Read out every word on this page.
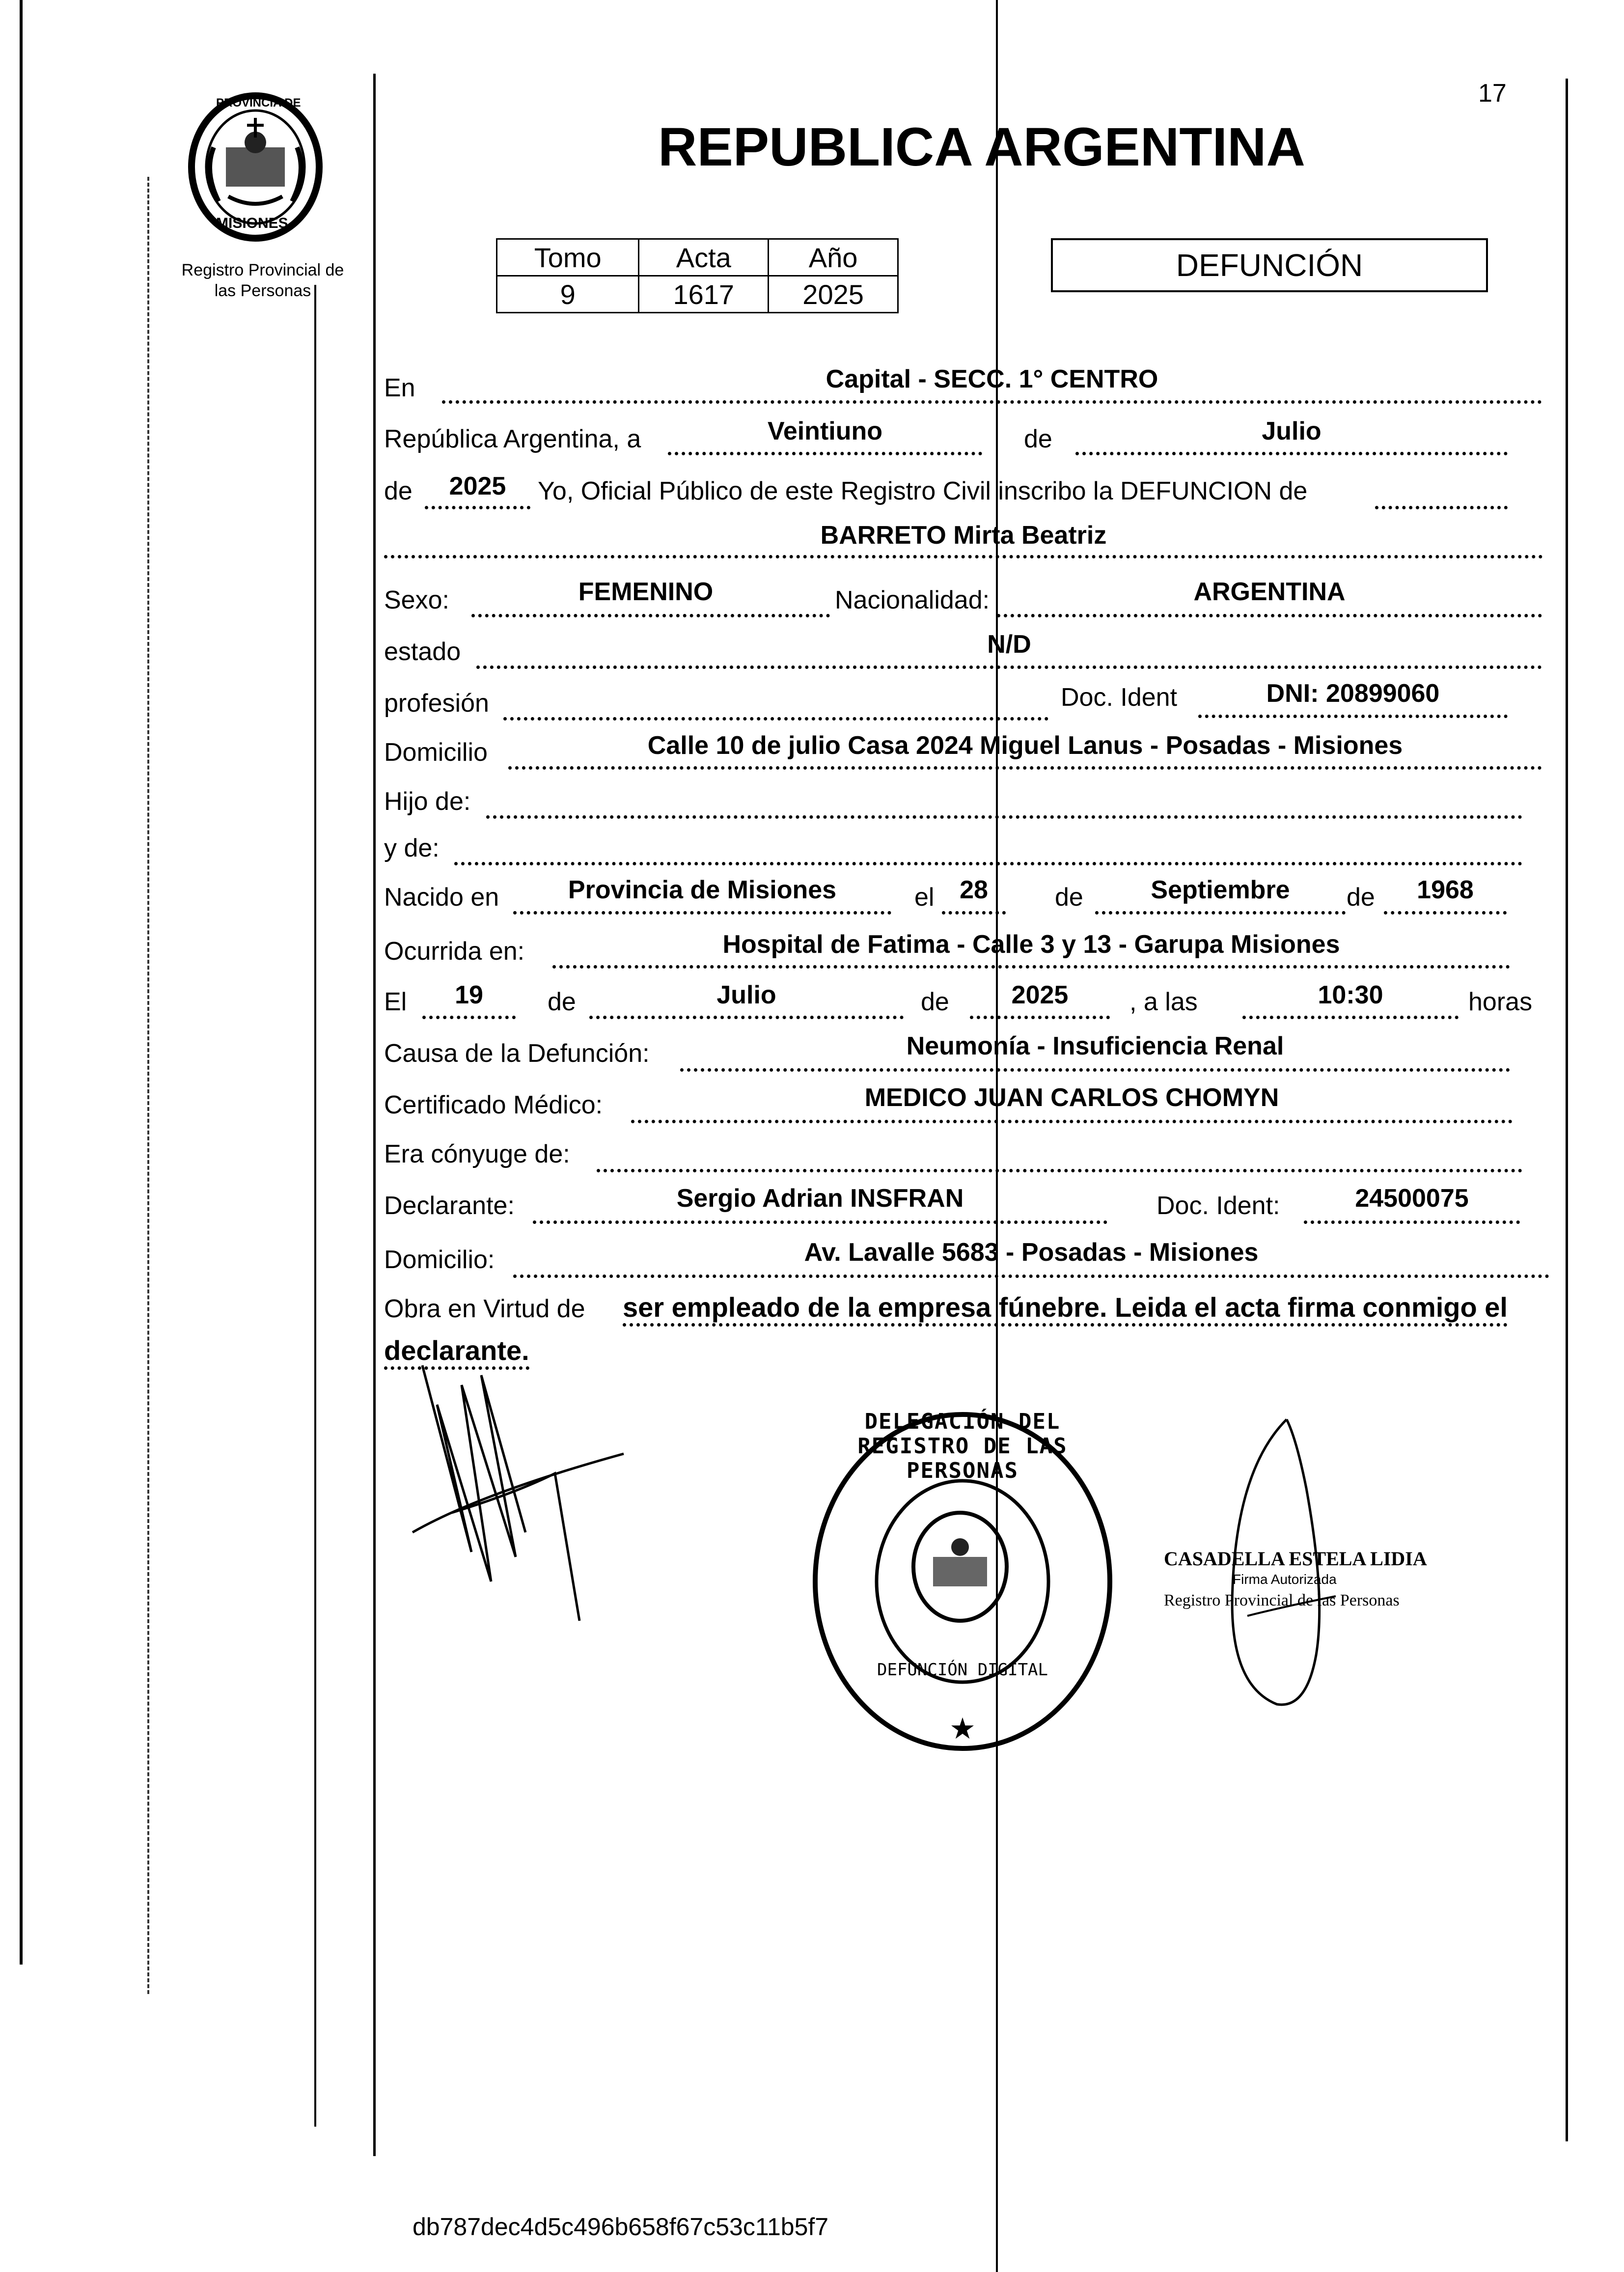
17
PROVINCIA DE
MISIONES
Registro Provincial de
las Personas
REPUBLICA ARGENTINA
Tomo	Acta	Año
9	1617	2025
DEFUNCIÓN
En	Capital - SECC. 1° CENTRO
República Argentina, a	Veintiuno	de	Julio
de	2025	Yo, Oficial Público de este Registro Civil inscribo la DEFUNCION de
BARRETO Mirta Beatriz
Sexo:	FEMENINO	Nacionalidad:	ARGENTINA
estado	N/D
profesión	Doc. Ident	DNI: 20899060
Domicilio	Calle 10 de julio Casa 2024 Miguel Lanus - Posadas - Misiones
Hijo de:
y de:
Nacido en	Provincia de Misiones	el 28	de	Septiembre	de	1968
Ocurrida en:	Hospital de Fatima - Calle 3 y 13 - Garupa Misiones
El	19	de	Julio	de	2025	, a las	10:30	horas
Causa de la Defunción:	Neumonía - Insuficiencia Renal
Certificado Médico:	MEDICO JUAN CARLOS CHOMYN
Era cónyuge de:
Declarante:	Sergio Adrian INSFRAN	Doc. Ident:	24500075
Domicilio:	Av. Lavalle 5683 - Posadas - Misiones
Obra en Virtud de ser empleado de la empresa fúnebre. Leida el acta firma conmigo el
declarante.
★
DELEGACIÓN DEL REGISTRO DE LAS PERSONAS
DEFUNCIÓN DIGITAL
CASADELLA ESTELA LIDIA
Firma Autorizada
Registro Provincial de las Personas
db787dec4d5c496b658f67c53c11b5f7
